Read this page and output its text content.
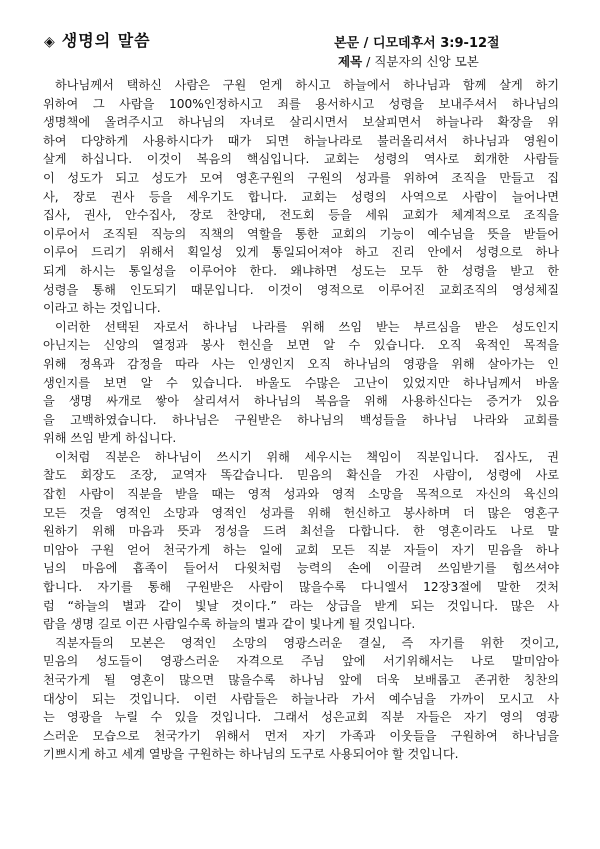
◈ 생명의 말씀	본문 / 디모데후서 3:9-12절
제목 / 직분자의 신앙 모본
하나님께서 택하신 사람은 구원 얻게 하시고 하늘에서 하나님과 함께 살게 하기
위하여 그 사람을 100%인정하시고 죄를 용서하시고 성령을 보내주셔서 하나님의
생명책에 올려주시고 하나님의 자녀로 살리시면서 보살피면서 하늘나라 확장을 위
하여 다양하게 사용하시다가 때가 되면 하늘나라로 불러올리셔서 하나님과 영원이
살게 하십니다. 이것이 복음의 핵심입니다. 교회는 성령의 역사로 회개한 사람들
이 성도가 되고 성도가 모여 영혼구원의 구원의 성과를 위하여 조직을 만들고 집
사, 장로 권사 등을 세우기도 합니다. 교회는 성령의 사역으로 사람이 늘어나면
집사, 권사, 안수집사, 장로 찬양대, 전도회 등을 세워 교회가 체계적으로 조직을
이루어서 조직된 직능의 직책의 역할을 통한 교회의 기능이 예수님을 뜻을 받들어
이루어 드리기 위해서 획일성 있게 통일되어져야 하고 진리 안에서 성령으로 하나
되게 하시는 통일성을 이루어야 한다. 왜냐하면 성도는 모두 한 성령을 받고 한
성령을 통해 인도되기 때문입니다. 이것이 영적으로 이루어진 교회조직의 영성체질
이라고 하는 것입니다.
이러한 선택된 자로서 하나님 나라를 위해 쓰임 받는 부르심을 받은 성도인지
아닌지는 신앙의 열정과 봉사 헌신을 보면 알 수 있습니다. 오직 육적인 목적을
위해 정욕과 감정을 따라 사는 인생인지 오직 하나님의 영광을 위해 살아가는 인
생인지를 보면 알 수 있습니다. 바울도 수많은 고난이 있었지만 하나님께서 바울
을 생명 싸개로 쌓아 살리셔서 하나님의 복음을 위해 사용하신다는 증거가 있음
을 고백하였습니다. 하나님은 구원받은 하나님의 백성들을 하나님 나라와 교회를
위해 쓰임 받게 하십니다.
이처럼 직분은 하나님이 쓰시기 위해 세우시는 책임이 직분입니다. 집사도, 권
찰도 회장도 조장, 교역자 똑같습니다. 믿음의 확신을 가진 사람이, 성령에 사로
잡힌 사람이 직분을 받을 때는 영적 성과와 영적 소망을 목적으로 자신의 육신의
모든 것을 영적인 소망과 영적인 성과를 위해 헌신하고 봉사하며 더 많은 영혼구
원하기 위해 마음과 뜻과 정성을 드려 최선을 다합니다. 한 영혼이라도 나로 말
미암아 구원 얻어 천국가게 하는 일에 교회 모든 직분 자들이 자기 믿음을 하나
님의 마음에 흡족이 들어서 다윗처럼 능력의 손에 이끌려 쓰임받기를 힘쓰셔야
합니다. 자기를 통해 구원받은 사람이 많을수록 다니엘서 12장3절에 말한 것처
럼 “하늘의 별과 같이 빛날 것이다.” 라는 상급을 받게 되는 것입니다. 많은 사
람을 생명 길로 이끈 사람일수록 하늘의 별과 같이 빛나게 될 것입니다.
직분자들의 모본은 영적인 소망의 영광스러운 결실, 즉 자기를 위한 것이고,
믿음의 성도들이 영광스러운 자격으로 주님 앞에 서기위해서는 나로 말미암아
천국가게 될 영혼이 많으면 많을수록 하나님 앞에 더욱 보배롭고 존귀한 칭찬의
대상이 되는 것입니다. 이런 사람들은 하늘나라 가서 예수님을 가까이 모시고 사
는 영광을 누릴 수 있을 것입니다. 그래서 성은교회 직분 자들은 자기 영의 영광
스러운 모습으로 천국가기 위해서 먼저 자기 가족과 이웃들을 구원하여 하나님을
기쁘시게 하고 세계 열방을 구원하는 하나님의 도구로 사용되어야 할 것입니다.
